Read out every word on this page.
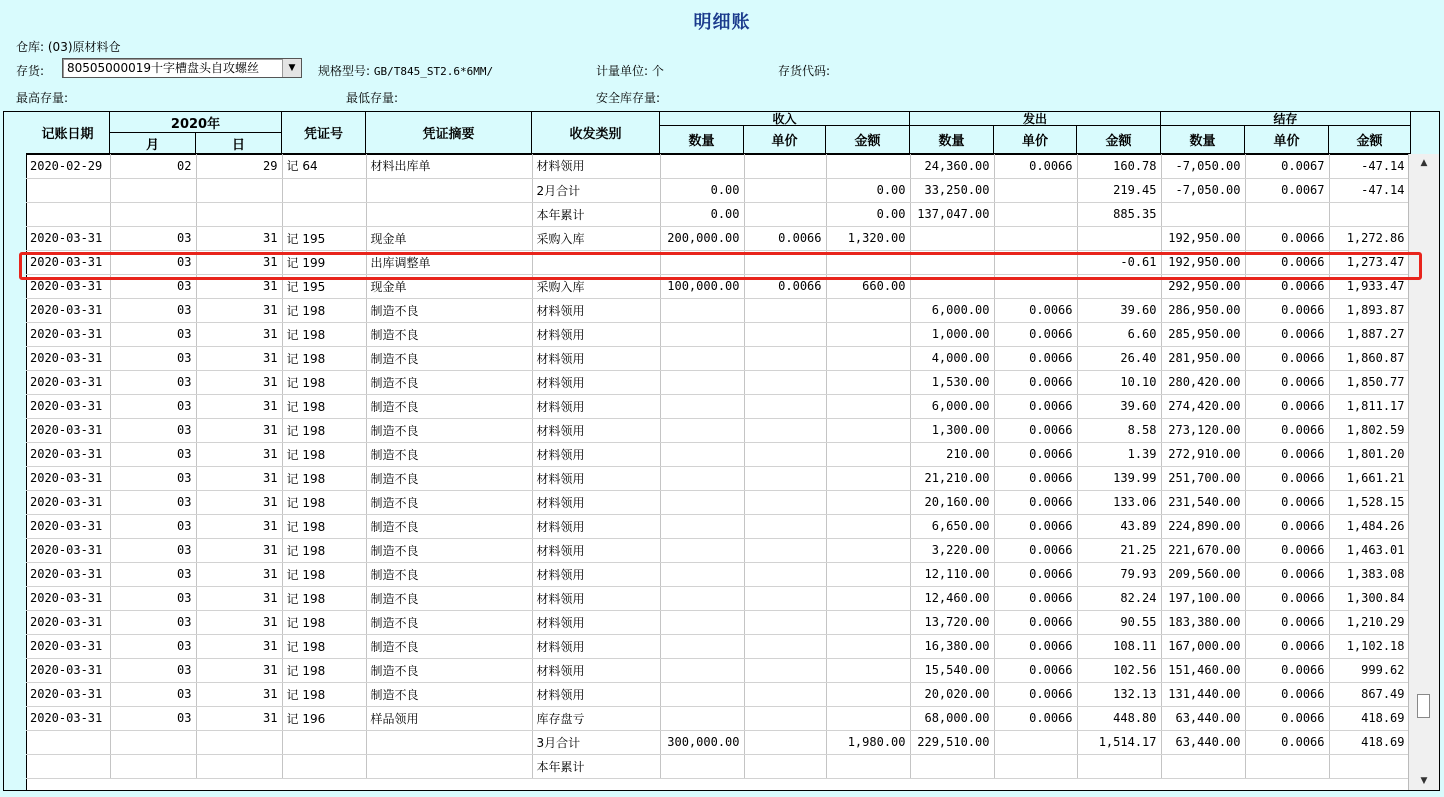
明细账
仓库: (03)原材料仓
存货: 80505000019十字槽盘头自攻螺丝	▼	规格型号: GB/T845_ST2.6*6MM/	计量单位: 个	存货代码:
最高存量:	最低存量:	安全库存量:
记账日期
2020年
月	日
凭证号	凭证摘要	收发类别
收入
数量	单价	金额
发出
数量	单价	金额
结存
数量	单价	金额
2020-02-29	02	29	记 64	材料出库单	材料领用				24,360.00	0.0066	160.78	-7,050.00	0.0067	-47.14
					2月合计	0.00		0.00	33,250.00		219.45	-7,050.00	0.0067	-47.14
					本年累计	0.00		0.00	137,047.00		885.35			
2020-03-31	03	31	记 195	现金单	采购入库	200,000.00	0.0066	1,320.00				192,950.00	0.0066	1,272.86
2020-03-31	03	31	记 199	出库调整单							-0.61	192,950.00	0.0066	1,273.47
2020-03-31	03	31	记 195	现金单	采购入库	100,000.00	0.0066	660.00				292,950.00	0.0066	1,933.47
2020-03-31	03	31	记 198	制造不良	材料领用				6,000.00	0.0066	39.60	286,950.00	0.0066	1,893.87
2020-03-31	03	31	记 198	制造不良	材料领用				1,000.00	0.0066	6.60	285,950.00	0.0066	1,887.27
2020-03-31	03	31	记 198	制造不良	材料领用				4,000.00	0.0066	26.40	281,950.00	0.0066	1,860.87
2020-03-31	03	31	记 198	制造不良	材料领用				1,530.00	0.0066	10.10	280,420.00	0.0066	1,850.77
2020-03-31	03	31	记 198	制造不良	材料领用				6,000.00	0.0066	39.60	274,420.00	0.0066	1,811.17
2020-03-31	03	31	记 198	制造不良	材料领用				1,300.00	0.0066	8.58	273,120.00	0.0066	1,802.59
2020-03-31	03	31	记 198	制造不良	材料领用				210.00	0.0066	1.39	272,910.00	0.0066	1,801.20
2020-03-31	03	31	记 198	制造不良	材料领用				21,210.00	0.0066	139.99	251,700.00	0.0066	1,661.21
2020-03-31	03	31	记 198	制造不良	材料领用				20,160.00	0.0066	133.06	231,540.00	0.0066	1,528.15
2020-03-31	03	31	记 198	制造不良	材料领用				6,650.00	0.0066	43.89	224,890.00	0.0066	1,484.26
2020-03-31	03	31	记 198	制造不良	材料领用				3,220.00	0.0066	21.25	221,670.00	0.0066	1,463.01
2020-03-31	03	31	记 198	制造不良	材料领用				12,110.00	0.0066	79.93	209,560.00	0.0066	1,383.08
2020-03-31	03	31	记 198	制造不良	材料领用				12,460.00	0.0066	82.24	197,100.00	0.0066	1,300.84
2020-03-31	03	31	记 198	制造不良	材料领用				13,720.00	0.0066	90.55	183,380.00	0.0066	1,210.29
2020-03-31	03	31	记 198	制造不良	材料领用				16,380.00	0.0066	108.11	167,000.00	0.0066	1,102.18
2020-03-31	03	31	记 198	制造不良	材料领用				15,540.00	0.0066	102.56	151,460.00	0.0066	999.62
2020-03-31	03	31	记 198	制造不良	材料领用				20,020.00	0.0066	132.13	131,440.00	0.0066	867.49
2020-03-31	03	31	记 196	样品领用	库存盘亏				68,000.00	0.0066	448.80	63,440.00	0.0066	418.69
					3月合计	300,000.00		1,980.00	229,510.00		1,514.17	63,440.00	0.0066	418.69
					本年累计									
▲
▼
